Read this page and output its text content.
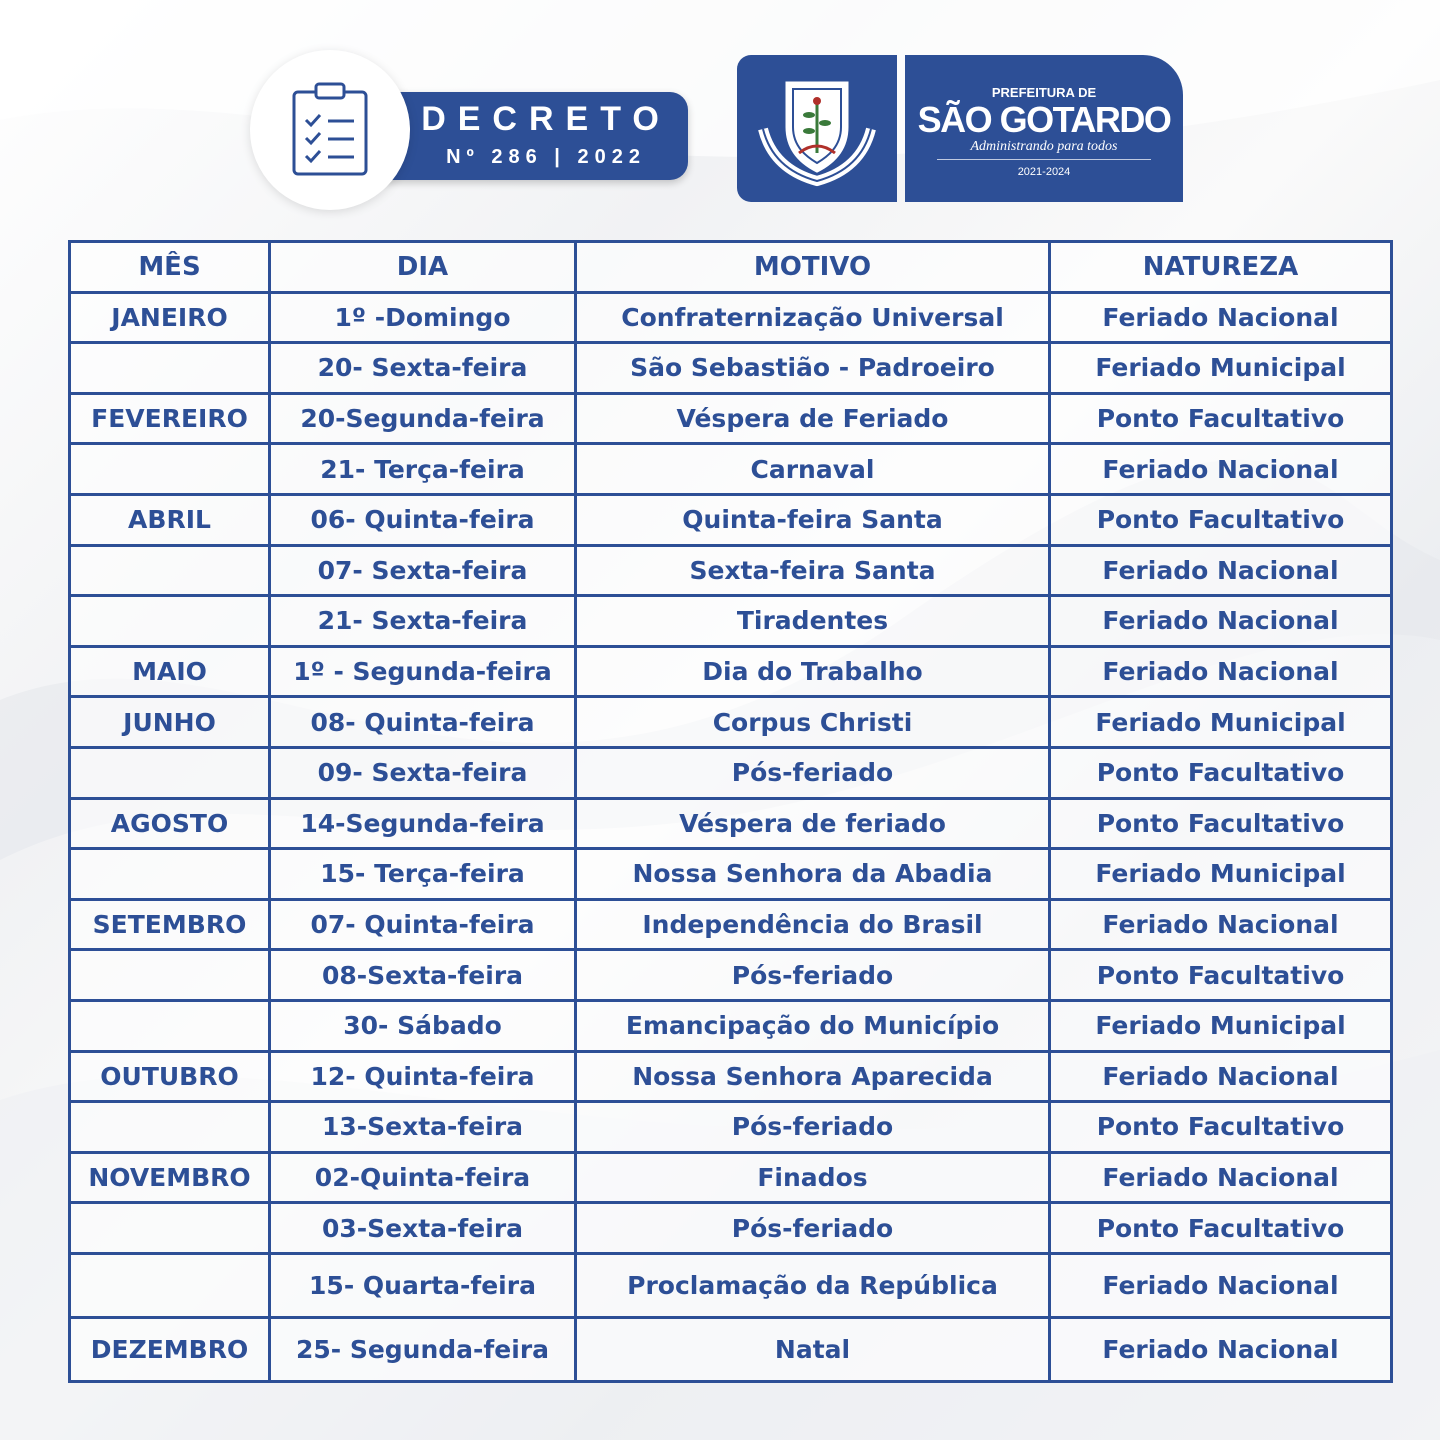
DECRETO
Nº 286 | 2022
PREFEITURA DE
SÃO GOTARDO
Administrando para todos
2021-2024
MÊS	DIA	MOTIVO	NATUREZA
JANEIRO	1º -Domingo	Confraternização Universal	Feriado Nacional
	20- Sexta-feira	São Sebastião - Padroeiro	Feriado Municipal
FEVEREIRO	20-Segunda-feira	Véspera de Feriado	Ponto Facultativo
	21- Terça-feira	Carnaval	Feriado Nacional
ABRIL	06- Quinta-feira	Quinta-feira Santa	Ponto Facultativo
	07- Sexta-feira	Sexta-feira Santa	Feriado Nacional
	21- Sexta-feira	Tiradentes	Feriado Nacional
MAIO	1º - Segunda-feira	Dia do Trabalho	Feriado Nacional
JUNHO	08- Quinta-feira	Corpus Christi	Feriado Municipal
	09- Sexta-feira	Pós-feriado	Ponto Facultativo
AGOSTO	14-Segunda-feira	Véspera de feriado	Ponto Facultativo
	15- Terça-feira	Nossa Senhora da Abadia	Feriado Municipal
SETEMBRO	07- Quinta-feira	Independência do Brasil	Feriado Nacional
	08-Sexta-feira	Pós-feriado	Ponto Facultativo
	30- Sábado	Emancipação do Município	Feriado Municipal
OUTUBRO	12- Quinta-feira	Nossa Senhora Aparecida	Feriado Nacional
	13-Sexta-feira	Pós-feriado	Ponto Facultativo
NOVEMBRO	02-Quinta-feira	Finados	Feriado Nacional
	03-Sexta-feira	Pós-feriado	Ponto Facultativo
	15- Quarta-feira	Proclamação da República	Feriado Nacional
DEZEMBRO	25- Segunda-feira	Natal	Feriado Nacional
